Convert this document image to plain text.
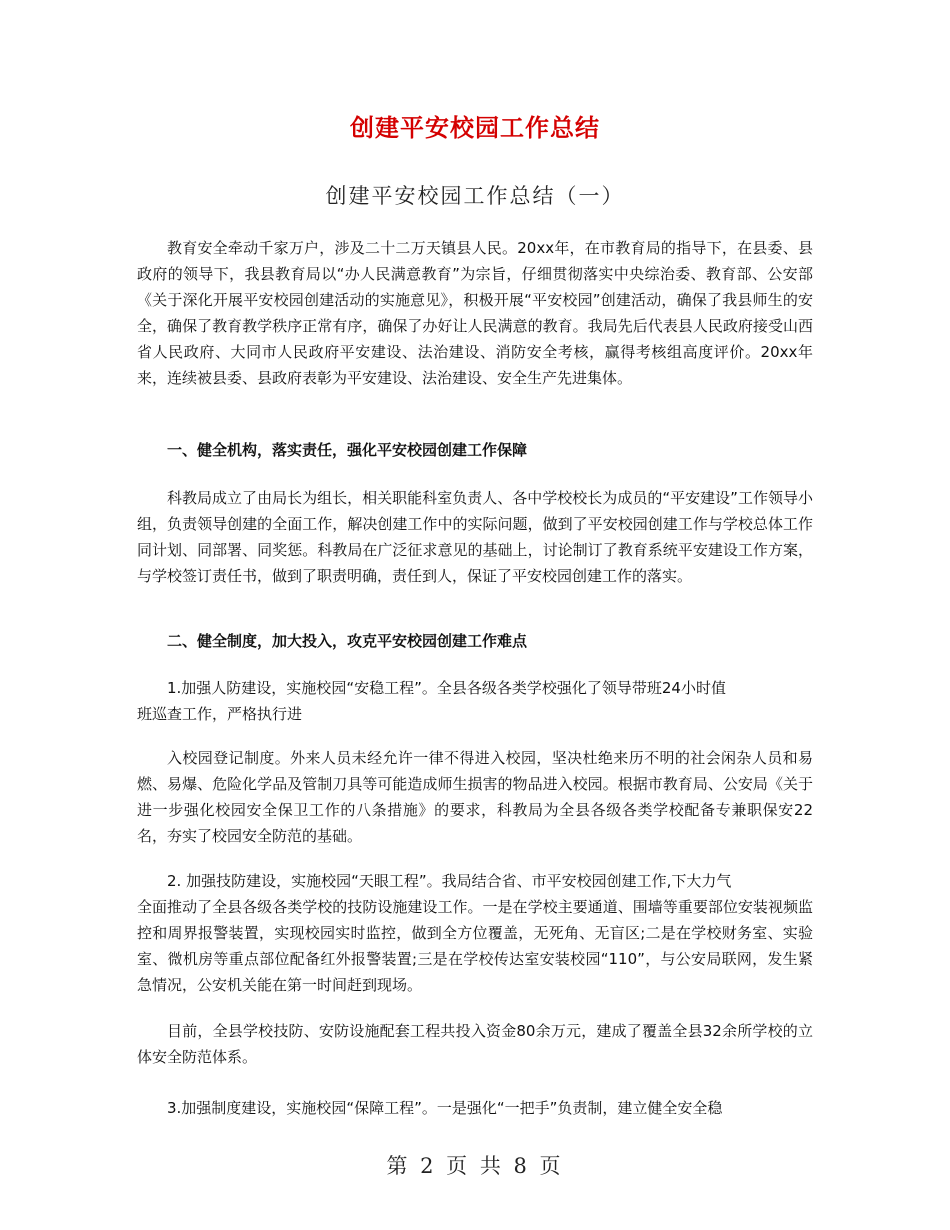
创建平安校园工作总结
创建平安校园工作总结（一）

教育安全牵动千家万户，涉及二十二万天镇县人民。20xx年，在市教育局的指导下，在县委、县政府的领导下，我县教育局以“办人民满意教育”为宗旨，仔细贯彻落实中央综治委、教育部、公安部《关于深化开展平安校园创建活动的实施意见》，积极开展“平安校园”创建活动，确保了我县师生的安全，确保了教育教学秩序正常有序，确保了办好让人民满意的教育。我局先后代表县人民政府接受山西省人民政府、大同市人民政府平安建设、法治建设、消防安全考核，赢得考核组高度评价。20xx年来，连续被县委、县政府表彰为平安建设、法治建设、安全生产先进集体。

一、健全机构，落实责任，强化平安校园创建工作保障

科教局成立了由局长为组长，相关职能科室负责人、各中学校校长为成员的“平安建设”工作领导小组，负责领导创建的全面工作，解决创建工作中的实际问题，做到了平安校园创建工作与学校总体工作同计划、同部署、同奖惩。科教局在广泛征求意见的基础上，讨论制订了教育系统平安建设工作方案，与学校签订责任书，做到了职责明确，责任到人，保证了平安校园创建工作的落实。

二、健全制度，加大投入，攻克平安校园创建工作难点

1.加强人防建设，实施校园“安稳工程”。全县各级各类学校强化了领导带班24小时值

班巡查工作，严格执行进

入校园登记制度。外来人员未经允许一律不得进入校园，坚决杜绝来历不明的社会闲杂人员和易燃、易爆、危险化学品及管制刀具等可能造成师生损害的物品进入校园。根据市教育局、公安局《关于进一步强化校园安全保卫工作的八条措施》的要求，科教局为全县各级各类学校配备专兼职保安22名，夯实了校园安全防范的基础。

2. 加强技防建设，实施校园“天眼工程”。我局结合省、市平安校园创建工作,下大力气

全面推动了全县各级各类学校的技防设施建设工作。一是在学校主要通道、围墙等重要部位安装视频监控和周界报警装置，实现校园实时监控，做到全方位覆盖，无死角、无盲区;二是在学校财务室、实验室、微机房等重点部位配备红外报警装置;三是在学校传达室安装校园“110”，与公安局联网，发生紧急情况，公安机关能在第一时间赶到现场。

目前，全县学校技防、安防设施配套工程共投入资金80余万元，建成了覆盖全县32余所学校的立体安全防范体系。

3.加强制度建设，实施校园“保障工程”。一是强化“一把手”负责制，建立健全安全稳

第 2 页 共 8 页
